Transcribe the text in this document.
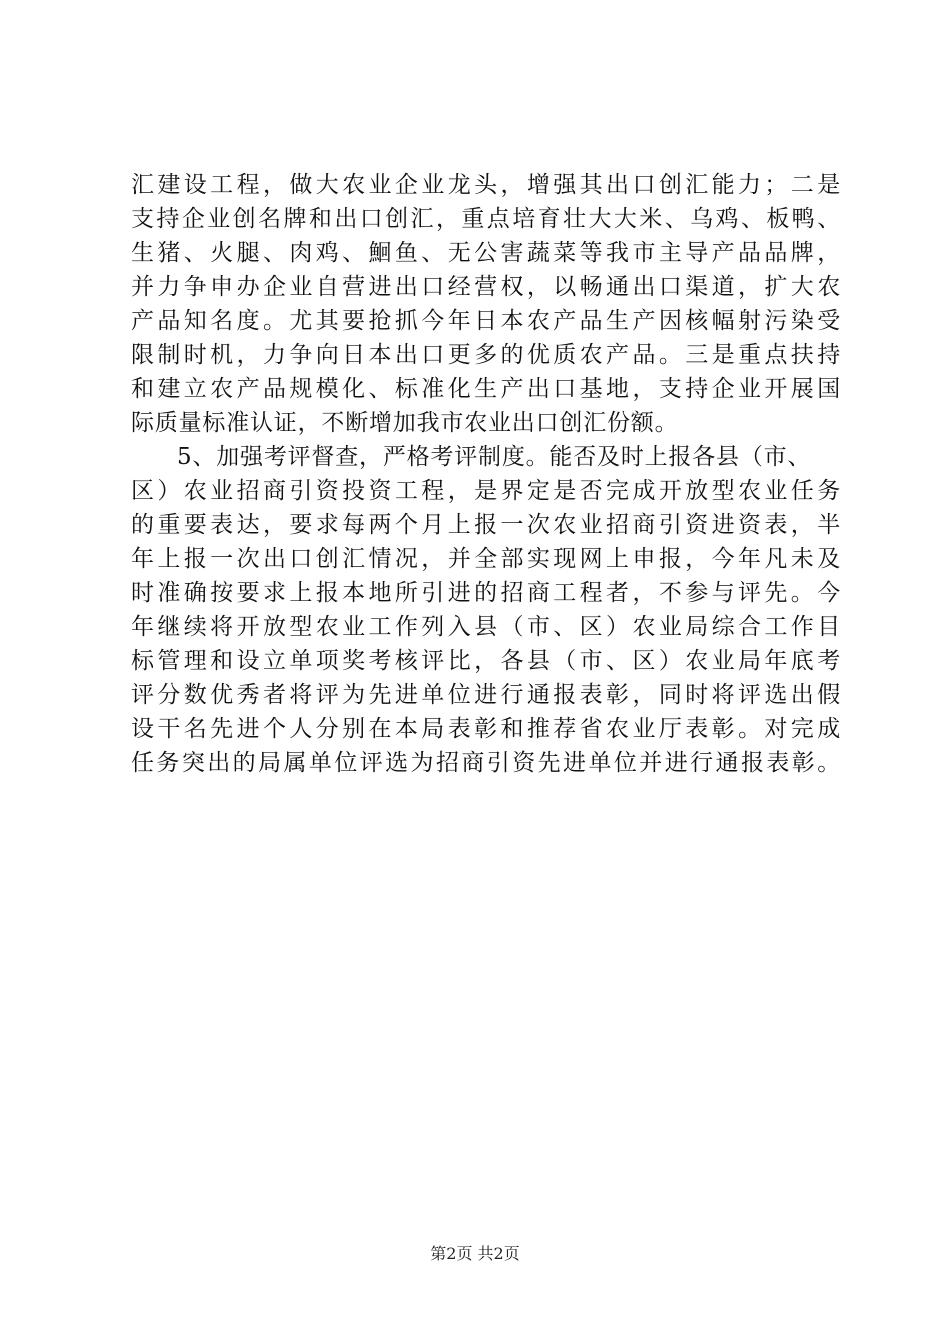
汇建设工程，做大农业企业龙头，增强其出口创汇能力；二是
支持企业创名牌和出口创汇，重点培育壮大大米、乌鸡、板鸭、
生猪、火腿、肉鸡、鮰鱼、无公害蔬菜等我市主导产品品牌，
并力争申办企业自营进出口经营权，以畅通出口渠道，扩大农
产品知名度。尤其要抢抓今年日本农产品生产因核幅射污染受
限制时机，力争向日本出口更多的优质农产品。三是重点扶持
和建立农产品规模化、标准化生产出口基地，支持企业开展国
际质量标准认证，不断增加我市农业出口创汇份额。
5、加强考评督查，严格考评制度。能否及时上报各县（市、
区）农业招商引资投资工程，是界定是否完成开放型农业任务
的重要表达，要求每两个月上报一次农业招商引资进资表，半
年上报一次出口创汇情况，并全部实现网上申报，今年凡未及
时准确按要求上报本地所引进的招商工程者，不参与评先。今
年继续将开放型农业工作列入县（市、区）农业局综合工作目
标管理和设立单项奖考核评比，各县（市、区）农业局年底考
评分数优秀者将评为先进单位进行通报表彰，同时将评选出假
设干名先进个人分别在本局表彰和推荐省农业厅表彰。对完成
任务突出的局属单位评选为招商引资先进单位并进行通报表彰。
第2页 共2页
